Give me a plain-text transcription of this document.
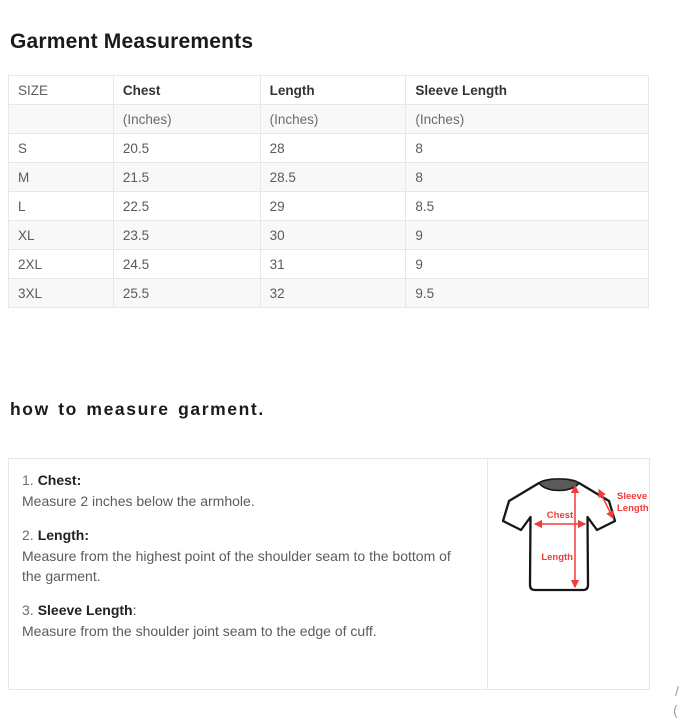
Garment Measurements
SIZE	Chest	Length	Sleeve Length
	(Inches)	(Inches)	(Inches)
S	20.5	28	8
M	21.5	28.5	8
L	22.5	29	8.5
XL	23.5	30	9
2XL	24.5	31	9
3XL	25.5	32	9.5
how to measure garment.
1. Chest:
Measure 2 inches below the armhole.
2. Length:
Measure from the highest point of the shoulder seam to the bottom of the garment.
3. Sleeve Length:
Measure from the shoulder joint seam to the edge of cuff.
Chest
Length
Sleeve
Length
/
(
